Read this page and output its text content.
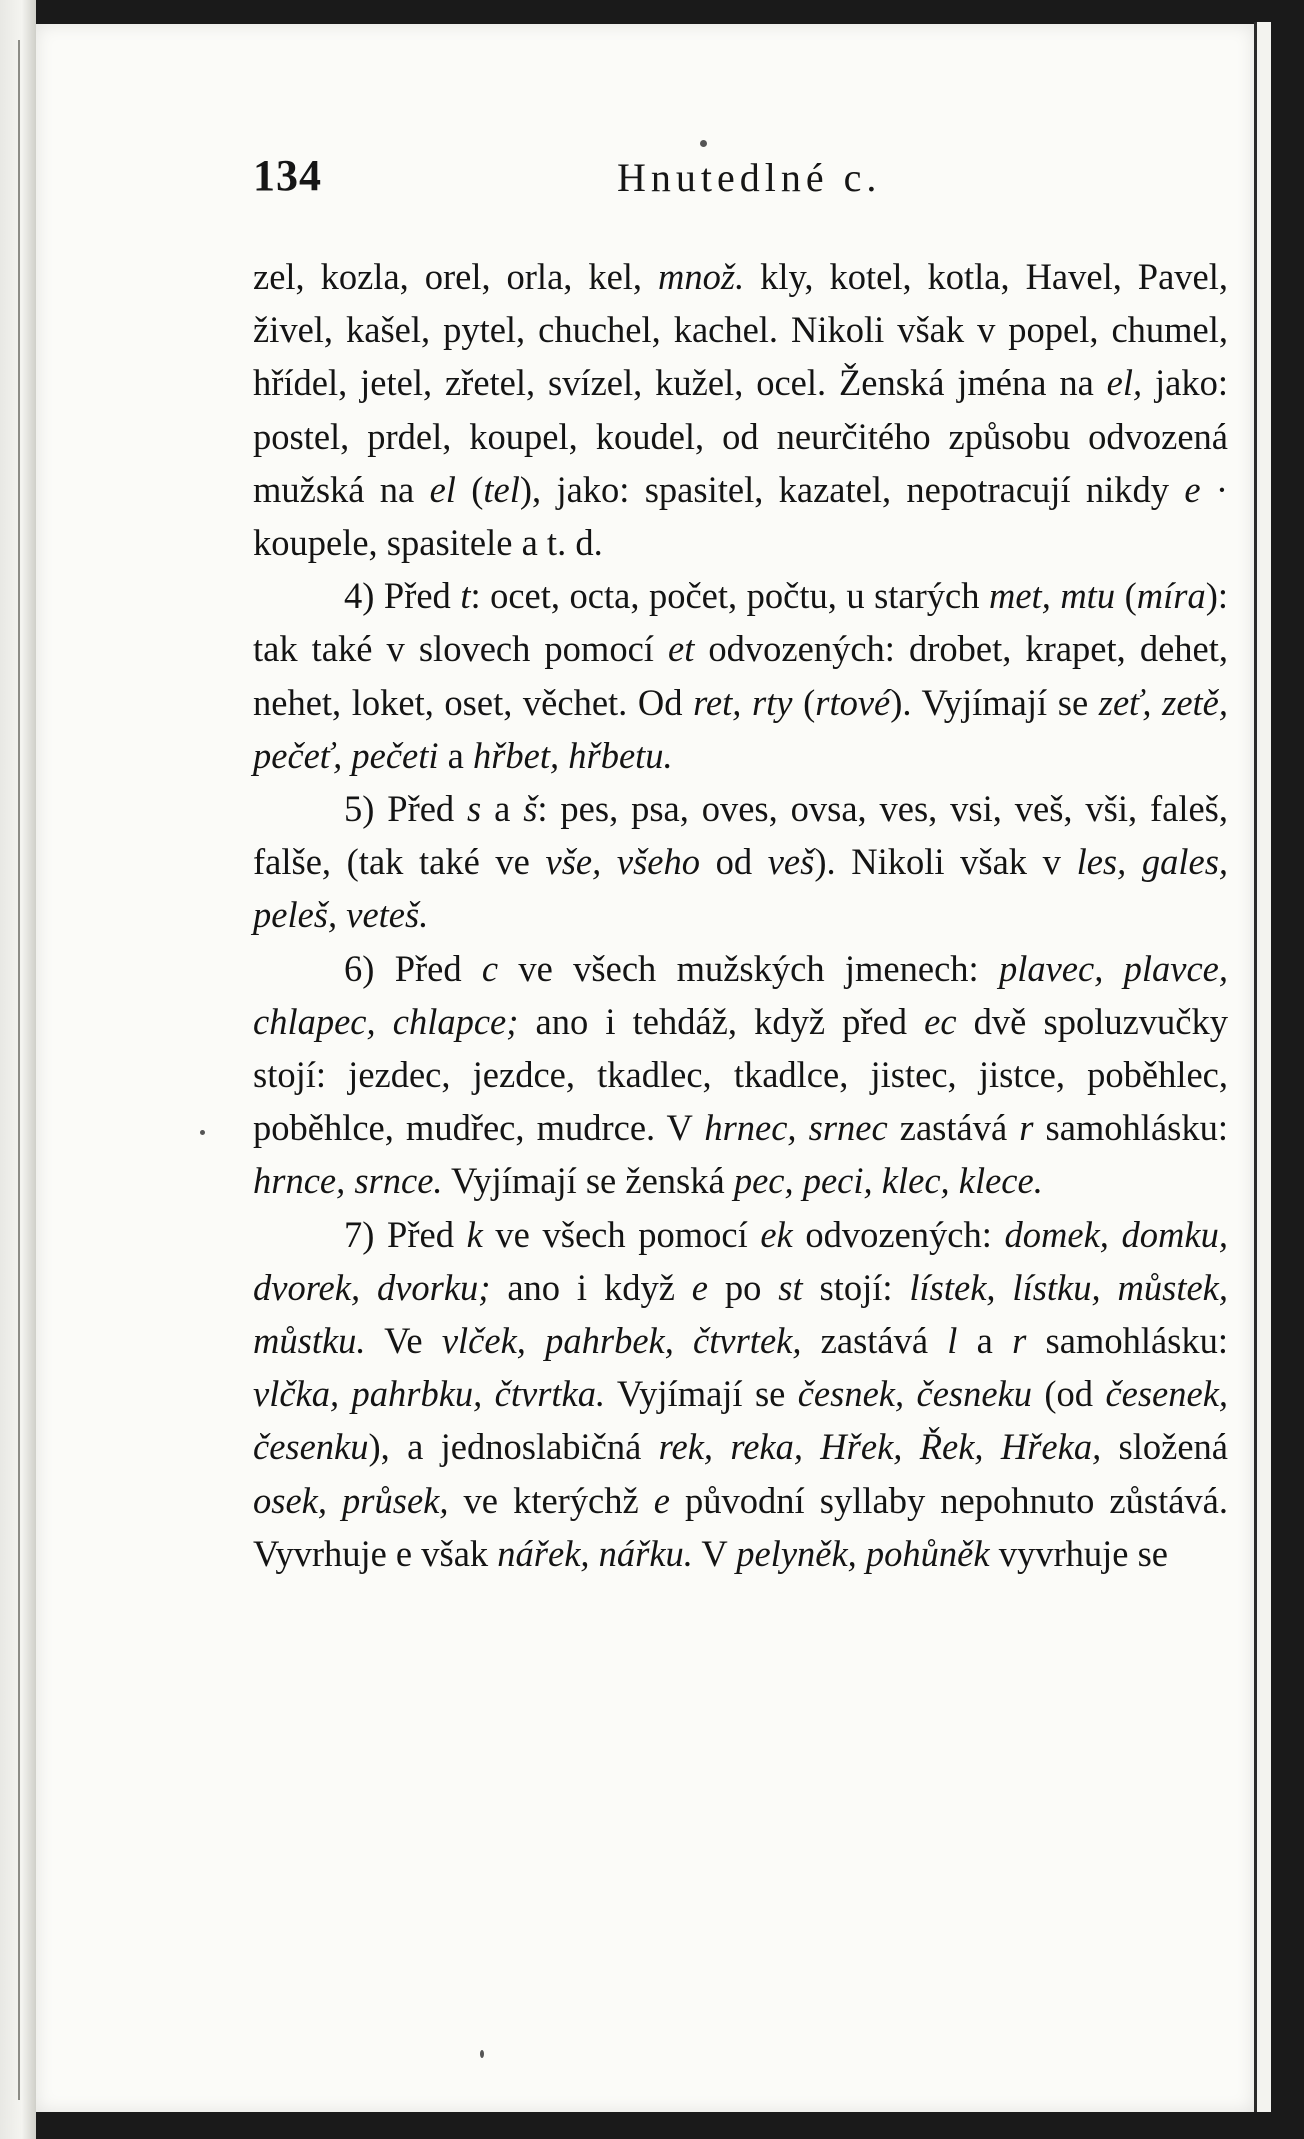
134	Hnutedlné c.

zel, kozla, orel, orla, kel, množ. kly, kotel, kotla, Havel, Pavel, živel, kašel, pytel, chuchel, kachel. Nikoli však v popel, chumel, hřídel, jetel, zřetel, svízel, kužel, ocel. Ženská jména na el, jako: postel, prdel, koupel, koudel, od neurčitého způsobu odvozená mužská na el (tel), jako: spasitel, kazatel, nepotracují nikdy e · koupele, spasitele a t. d.

4) Před t: ocet, octa, počet, počtu, u starých met, mtu (míra): tak také v slovech pomocí et odvozených: drobet, krapet, dehet, nehet, loket, oset, věchet. Od ret, rty (rtové). Vyjímají se zeť, zetě, pečeť, pečeti a hřbet, hřbetu.

5) Před s a š: pes, psa, oves, ovsa, ves, vsi, veš, vši, faleš, falše, (tak také ve vše, všeho od veš). Nikoli však v les, gales, peleš, veteš.

6) Před c ve všech mužských jmenech: plavec, plavce, chlapec, chlapce; ano i tehdáž, když před ec dvě spoluzvučky stojí: jezdec, jezdce, tkadlec, tkadlce, jistec, jistce, poběhlec, poběhlce, mudřec, mudrce. V hrnec, srnec zastává r samohlásku: hrnce, srnce. Vyjímají se ženská pec, peci, klec, klece.

7) Před k ve všech pomocí ek odvozených: domek, domku, dvorek, dvorku; ano i když e po st stojí: lístek, lístku, můstek, můstku. Ve vlček, pahrbek, čtvrtek, zastává l a r samohlásku: vlčka, pahrbku, čtvrtka. Vyjímají se česnek, česneku (od česenek, česenku), a jednoslabičná rek, reka, Hřek, Řek, Hřeka, složená osek, průsek, ve kterýchž e původní syllaby nepohnuto zůstává. Vyvrhuje e však nářek, nářku. V pelyněk, pohůněk vyvrhuje se
